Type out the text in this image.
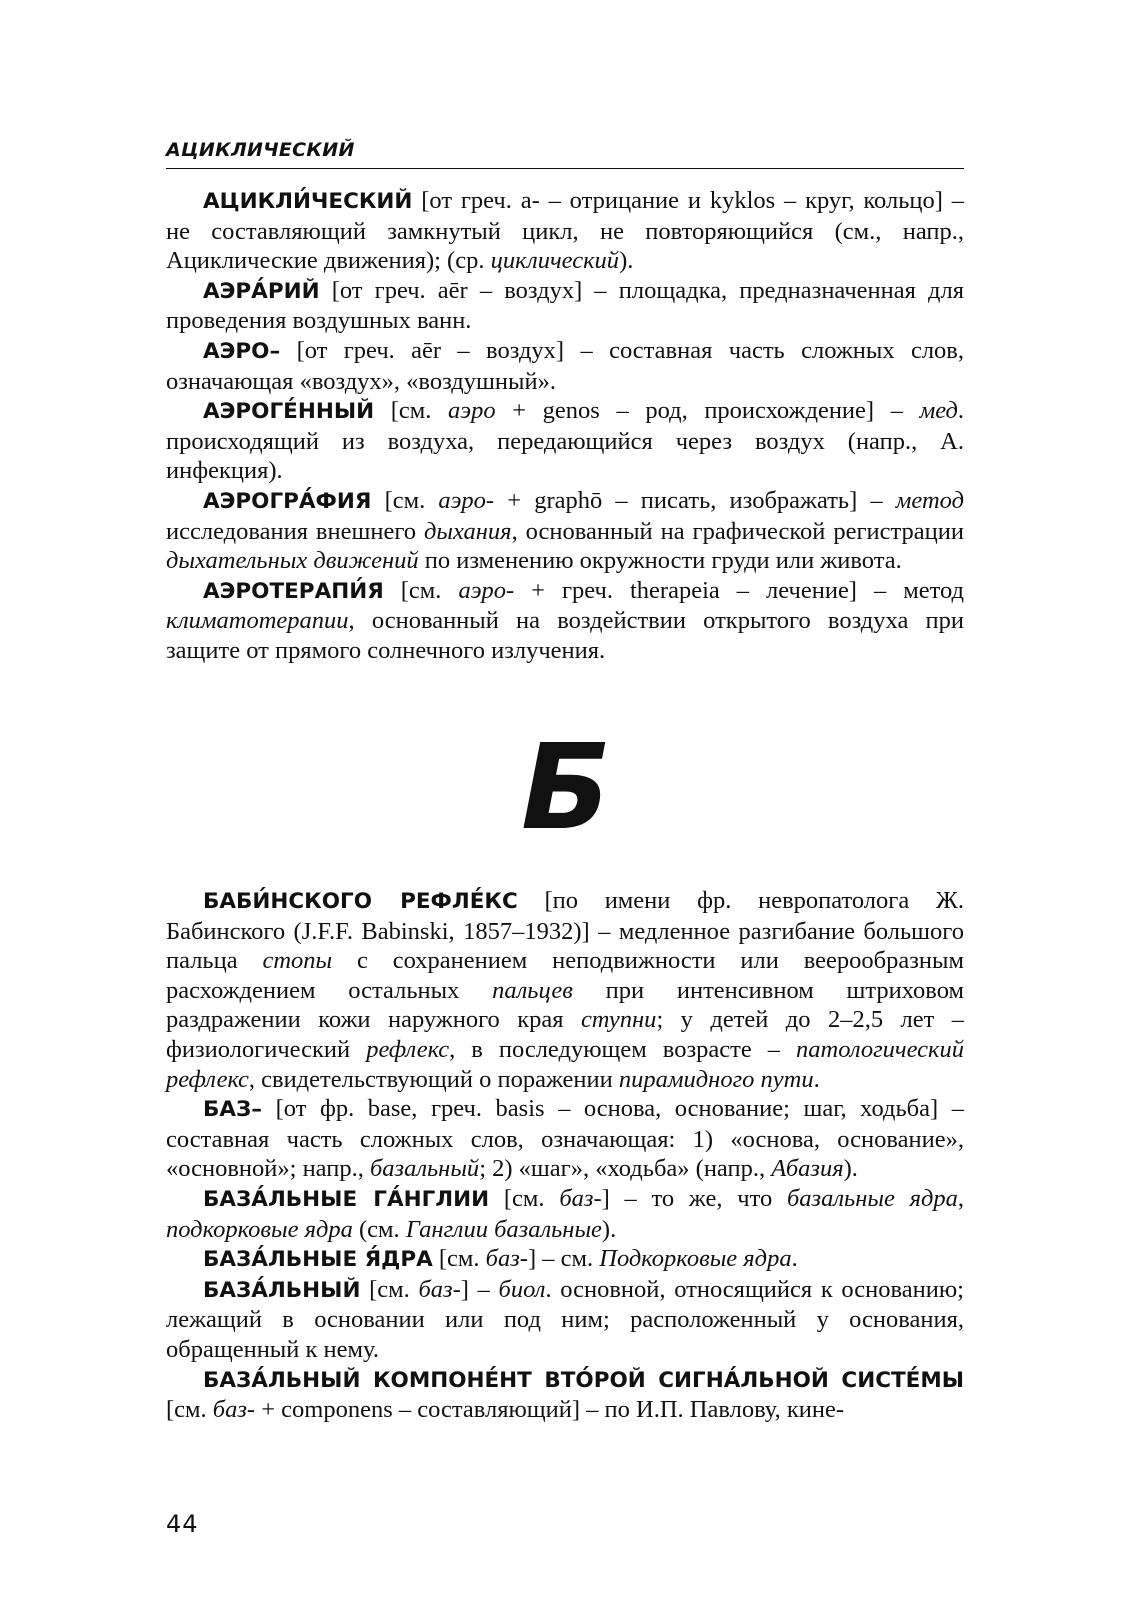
АЦИКЛИЧЕСКИЙ

АЦИКЛИ́ЧЕСКИЙ [от греч. а- – отрицание и kyklos – круг, кольцо] – не составляющий замкнутый цикл, не повторяющийся (см., напр., Ациклические движения); (ср. циклический).

АЭРА́РИЙ [от греч. aēr – воздух] – площадка, предназначенная для проведения воздушных ванн.

АЭРО– [от греч. aēr – воздух] – составная часть сложных слов, означающая «воздух», «воздушный».

АЭРОГЕ́ННЫЙ [см. аэро + genos – род, происхождение] – мед. происходящий из воздуха, передающийся через воздух (напр., А. инфекция).

АЭРОГРА́ФИЯ [см. аэро- + graphō – писать, изображать] – метод исследования внешнего дыхания, основанный на графической регистрации дыхательных движений по изменению окружности груди или живота.

АЭРОТЕРАПИ́Я [см. аэро- + греч. therapeia – лечение] – метод климатотерапии, основанный на воздействии открытого воздуха при защите от прямого солнечного излучения.

Б

БАБИ́НСКОГО РЕФЛЕ́КС [по имени фр. невропатолога Ж. Бабинского (J.F.F. Babinski, 1857–1932)] – медленное разгибание большого пальца стопы с сохранением неподвижности или веерообразным расхождением остальных пальцев при интенсивном штриховом раздражении кожи наружного края ступни; у детей до 2–2,5 лет – физиологический рефлекс, в последующем возрасте – патологический рефлекс, свидетельствующий о поражении пирамидного пути.

БАЗ– [от фр. base, греч. basis – основа, основание; шаг, ходьба] – составная часть сложных слов, означающая: 1) «основа, основание», «основной»; напр., базальный; 2) «шаг», «ходьба» (напр., Абазия).

БАЗА́ЛЬНЫЕ ГА́НГЛИИ [см. баз-] – то же, что базальные ядра, подкорковые ядра (см. Ганглии базальные).

БАЗА́ЛЬНЫЕ Я́ДРА [см. баз-] – см. Подкорковые ядра.

БАЗА́ЛЬНЫЙ [см. баз-] – биол. основной, относящийся к основанию; лежащий в основании или под ним; расположенный у основания, обращенный к нему.

БАЗА́ЛЬНЫЙ КОМПОНЕ́НТ ВТО́РОЙ СИГНА́ЛЬНОЙ СИСТЕ́МЫ [см. баз- + componens – составляющий] – по И.П. Павлову, кине-

44
